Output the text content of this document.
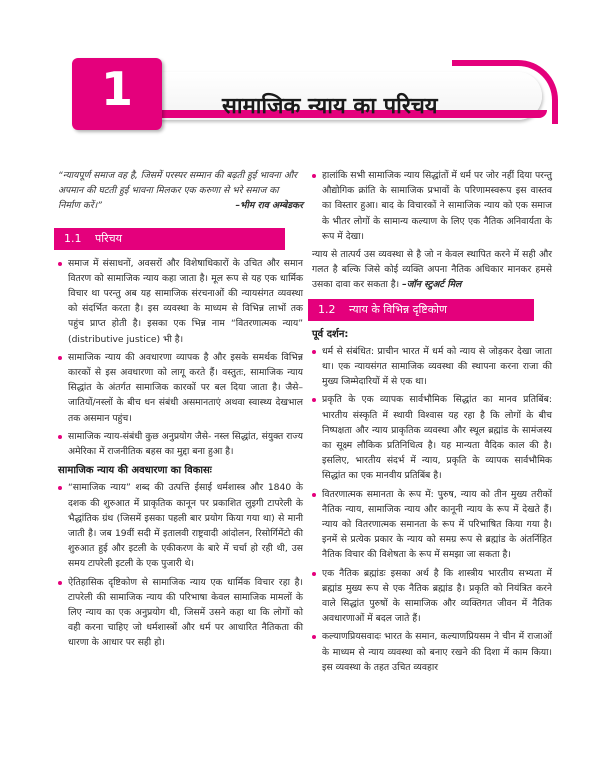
1	सामाजिक न्याय का परिचय

“न्यायपूर्ण समाज वह है, जिसमें परस्पर सम्मान की बढ़ती हुई भावना और अपमान की घटती हुई भावना मिलकर एक करुणा से भरे समाज का निर्माण करें।”	–भीम राव अम्बेडकर

1.1 परिचय

समाज में संसाधनों, अवसरों और विशेषाधिकारों के उचित और समान वितरण को सामाजिक न्याय कहा जाता है। मूल रूप से यह एक धार्मिक विचार था परन्तु अब यह सामाजिक संरचनाओं की न्यायसंगत व्यवस्था को संदर्भित करता है। इस व्यवस्था के माध्यम से विभिन्न लाभों तक पहुंच प्राप्त होती है। इसका एक भिन्न नाम “वितरणात्मक न्याय” (distributive justice) भी है।

सामाजिक न्याय की अवधारणा व्यापक है और इसके समर्थक विभिन्न कारकों से इस अवधारणा को लागू करते हैं। वस्तुतः, सामाजिक न्याय सिद्धांत के अंतर्गत सामाजिक कारकों पर बल दिया जाता है। जैसे– जातियों/नस्लों के बीच धन संबंधी असमानताएं अथवा स्वास्थ्य देखभाल तक असमान पहुंच।

सामाजिक न्याय-संबंधी कुछ अनुप्रयोग जैसे- नस्ल सिद्धांत, संयुक्त राज्य अमेरिका में राजनीतिक बहस का मुद्दा बना हुआ है।

सामाजिक न्याय की अवधारणा का विकासः

“सामाजिक न्याय” शब्द की उत्पत्ति ईसाई धर्मशास्त्र और 1840 के दशक की शुरुआत में प्राकृतिक कानून पर प्रकाशित लुइगी टापरेली के भैद्धांतिक ग्रंथ (जिसमें इसका पहली बार प्रयोग किया गया था) से मानी जाती है। जब 19वीं सदी में इतालवी राष्ट्रवादी आंदोलन, रिसोर्गिमेंटो की शुरुआत हुई और इटली के एकीकरण के बारे में चर्चा हो रही थी, उस समय टापरेली इटली के एक पुजारी थे।

ऐतिहासिक दृष्टिकोण से सामाजिक न्याय एक धार्मिक विचार रहा है। टापरेली की सामाजिक न्याय की परिभाषा केवल सामाजिक मामलों के लिए न्याय का एक अनुप्रयोग थी, जिसमें उसने कहा था कि लोगों को वही करना चाहिए जो धर्मशास्त्रों और धर्म पर आधारित नैतिकता की धारणा के आधार पर सही हो।

हालांकि सभी सामाजिक न्याय सिद्धांतों में धर्म पर जोर नहीं दिया परन्तु औद्योगिक क्रांति के सामाजिक प्रभावों के परिणामस्वरूप इस वास्तव का विस्तार हुआ। बाद के विचारकों ने सामाजिक न्याय को एक समाज के भीतर लोगों के सामान्य कल्याण के लिए एक नैतिक अनिवार्यता के रूप में देखा।

न्याय से तात्पर्य उस व्यवस्था से है जो न केवल स्थापित करने में सही और गलत है बल्कि जिसे कोई व्यक्ति अपना नैतिक अधिकार मानकर हमसे उसका दावा कर सकता है। –जॉन स्टुअर्ट मिल

1.2 न्याय के विभिन्न दृष्टिकोण
पूर्व दर्शन:

धर्म से संबंधित: प्राचीन भारत में धर्म को न्याय से जोड़कर देखा जाता था। एक न्यायसंगत सामाजिक व्यवस्था की स्थापना करना राजा की मुख्य जिम्मेदारियों में से एक था।

प्रकृति के एक व्यापक सार्वभौमिक सिद्धांत का मानव प्रतिबिंब: भारतीय संस्कृति में स्थायी विश्वास यह रहा है कि लोगों के बीच निष्पक्षता और न्याय प्राकृतिक व्यवस्था और स्थूल ब्रह्मांड के सामंजस्य का सूक्ष्म लौकिक प्रतिनिधित्व है। यह मान्यता वैदिक काल की है। इसलिए, भारतीय संदर्भ में न्याय, प्रकृति के व्यापक सार्वभौमिक सिद्धांत का एक मानवीय प्रतिबिंब है।

वितरणात्मक समानता के रूप में: पुरुष, न्याय को तीन मुख्य तरीकों नैतिक न्याय, सामाजिक न्याय और कानूनी न्याय के रूप में देखते हैं। न्याय को वितरणात्मक समानता के रूप में परिभाषित किया गया है। इनमें से प्रत्येक प्रकार के न्याय को समग्र रूप से ब्रह्मांड के अंतर्निहित नैतिक विचार की विशेषता के रूप में समझा जा सकता है।

एक नैतिक ब्रह्मांडः इसका अर्थ है कि शास्त्रीय भारतीय सभ्यता में ब्रह्मांड मुख्य रूप से एक नैतिक ब्रह्मांड है। प्रकृति को नियंत्रित करने वाले सिद्धांत पुरुषों के सामाजिक और व्यक्तिगत जीवन में नैतिक अवधारणाओं में बदल जाते हैं।

कल्याणप्रियसवादः भारत के समान, कल्याणप्रियसम ने चीन में राजाओं के माध्यम से न्याय व्यवस्था को बनाए रखने की दिशा में काम किया। इस व्यवस्था के तहत उचित व्यवहार
